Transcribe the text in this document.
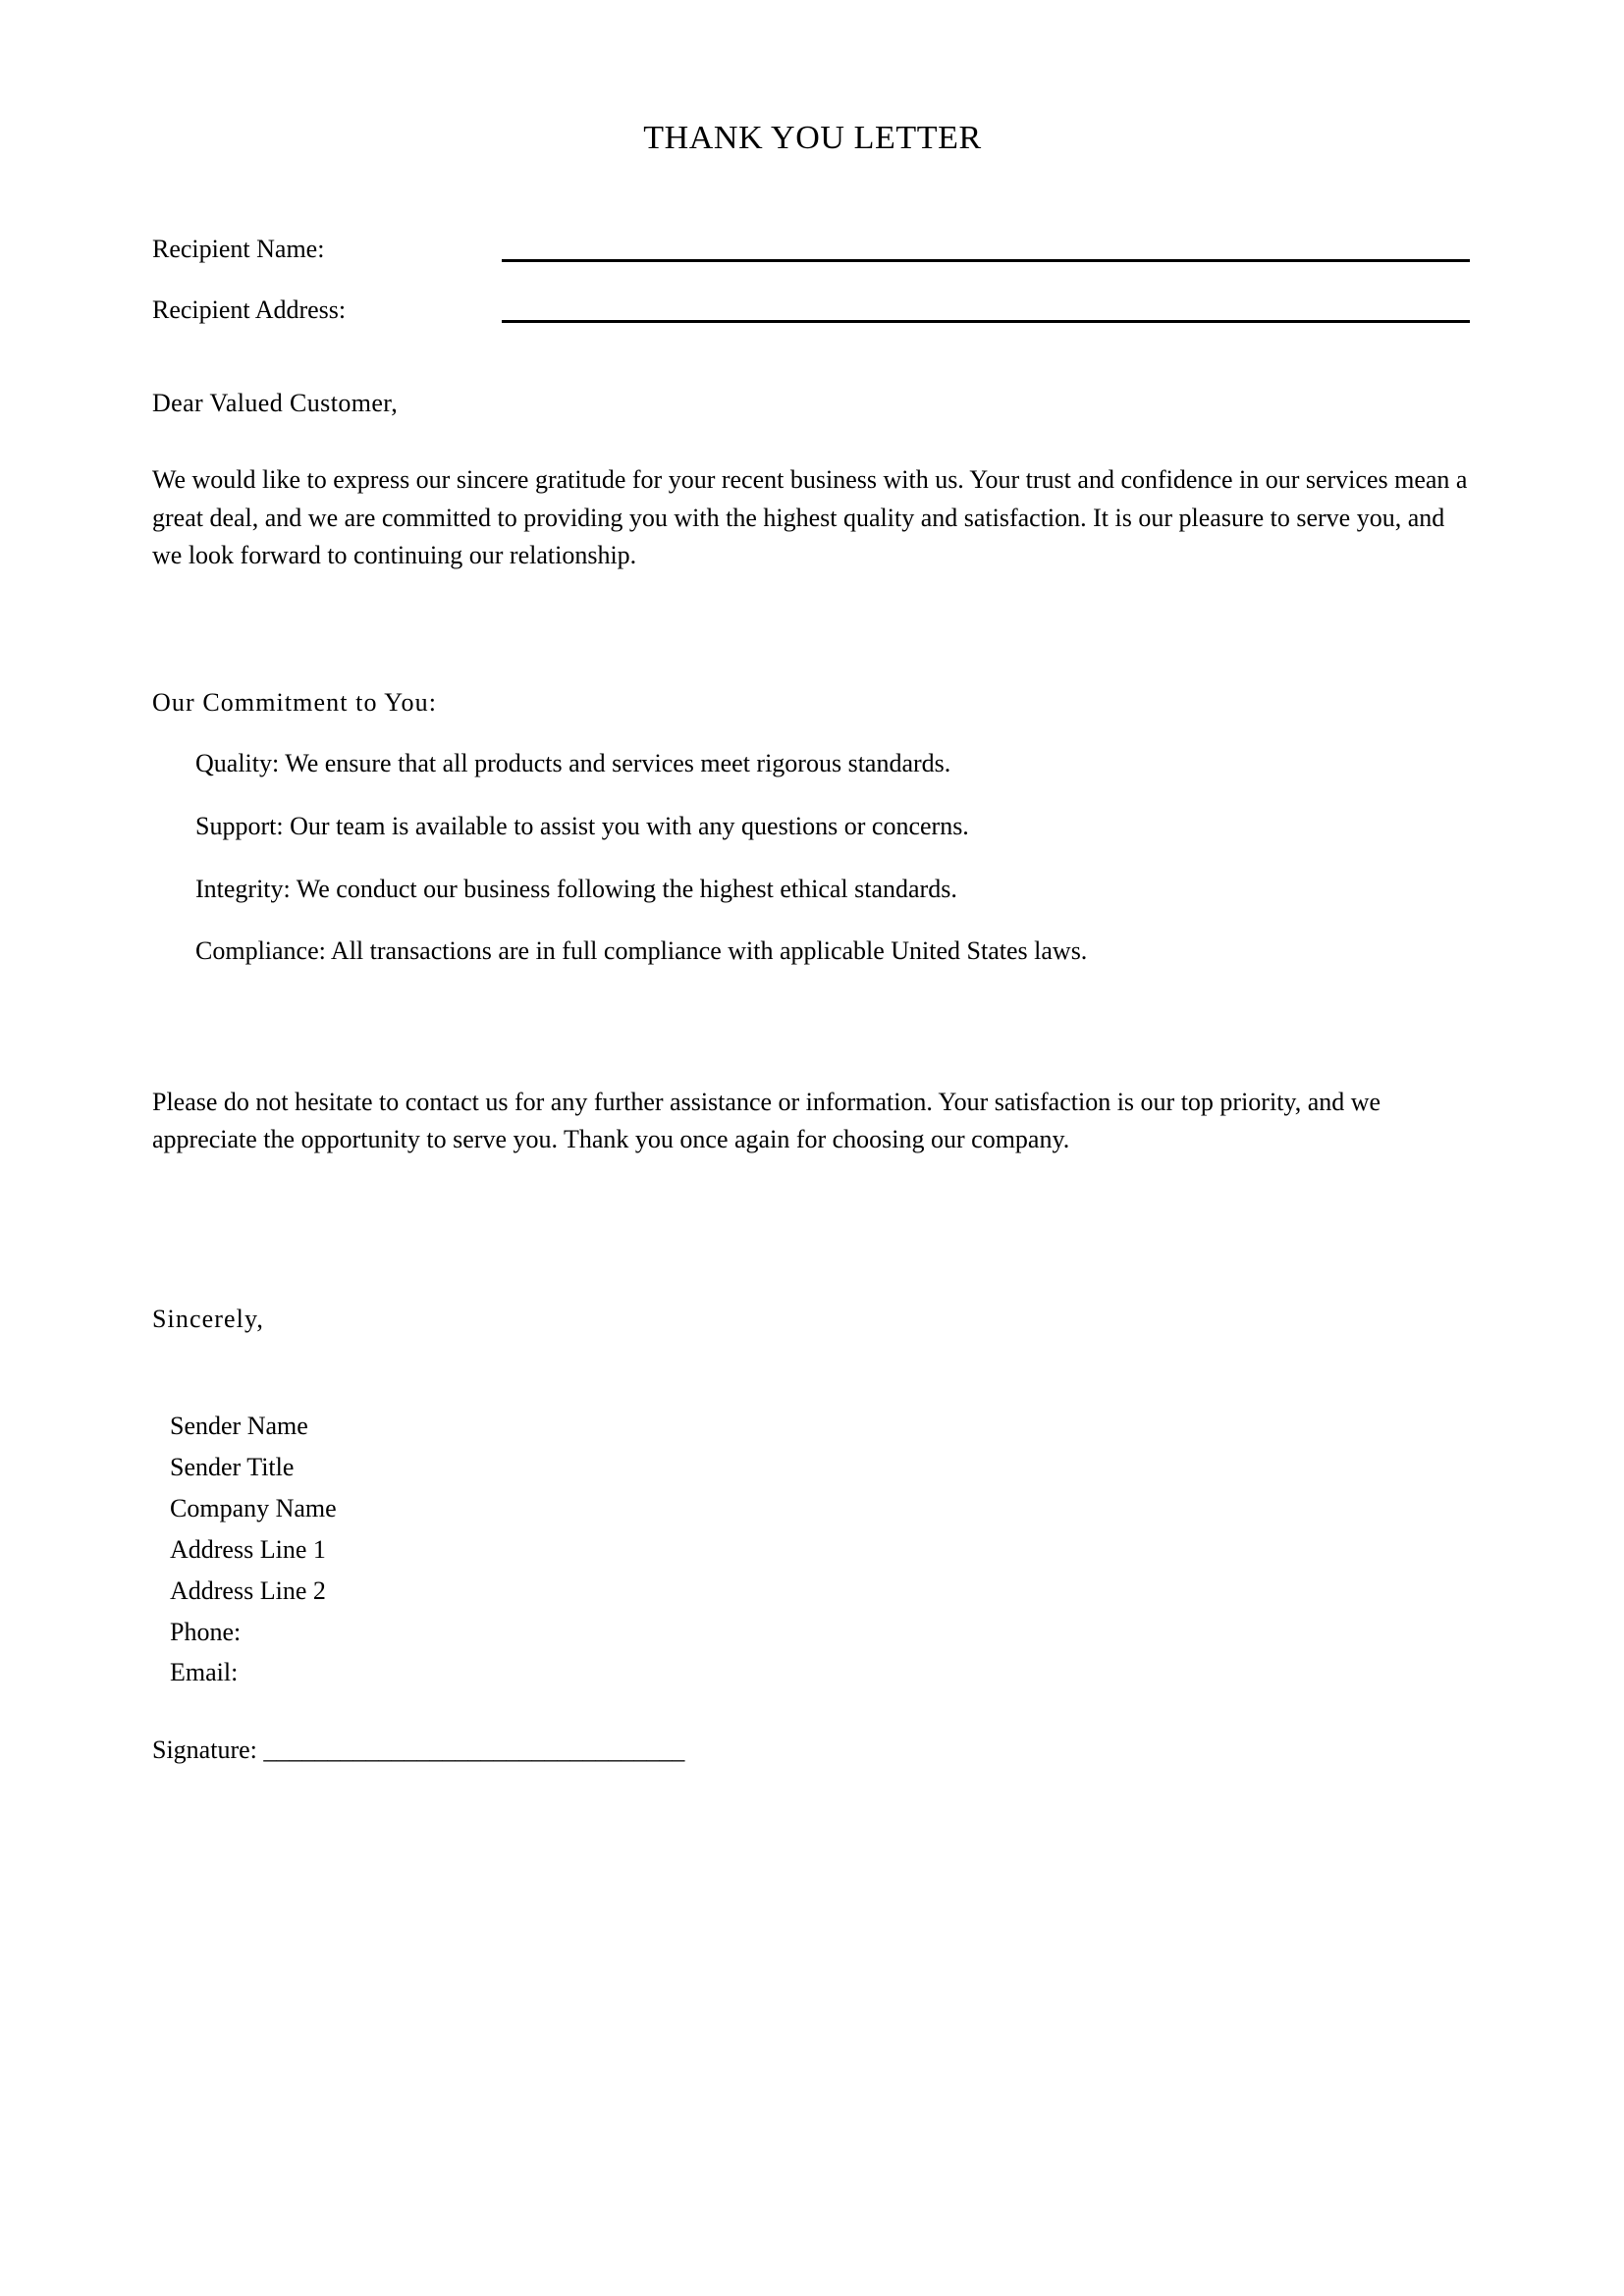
THANK YOU LETTER
Recipient Name:
Recipient Address:
Dear Valued Customer,

We would like to express our sincere gratitude for your recent business with us. Your trust and confidence in our services mean a great deal, and we are committed to providing you with the highest quality and satisfaction. It is our pleasure to serve you, and we look forward to continuing our relationship.

Our Commitment to You:
Quality: We ensure that all products and services meet rigorous standards.
Support: Our team is available to assist you with any questions or concerns.
Integrity: We conduct our business following the highest ethical standards.
Compliance: All transactions are in full compliance with applicable United States laws.

Please do not hesitate to contact us for any further assistance or information. Your satisfaction is our top priority, and we appreciate the opportunity to serve you. Thank you once again for choosing our company.

Sincerely,
Sender Name
Sender Title
Company Name
Address Line 1
Address Line 2
Phone:
Email:
Signature: _________________________________
